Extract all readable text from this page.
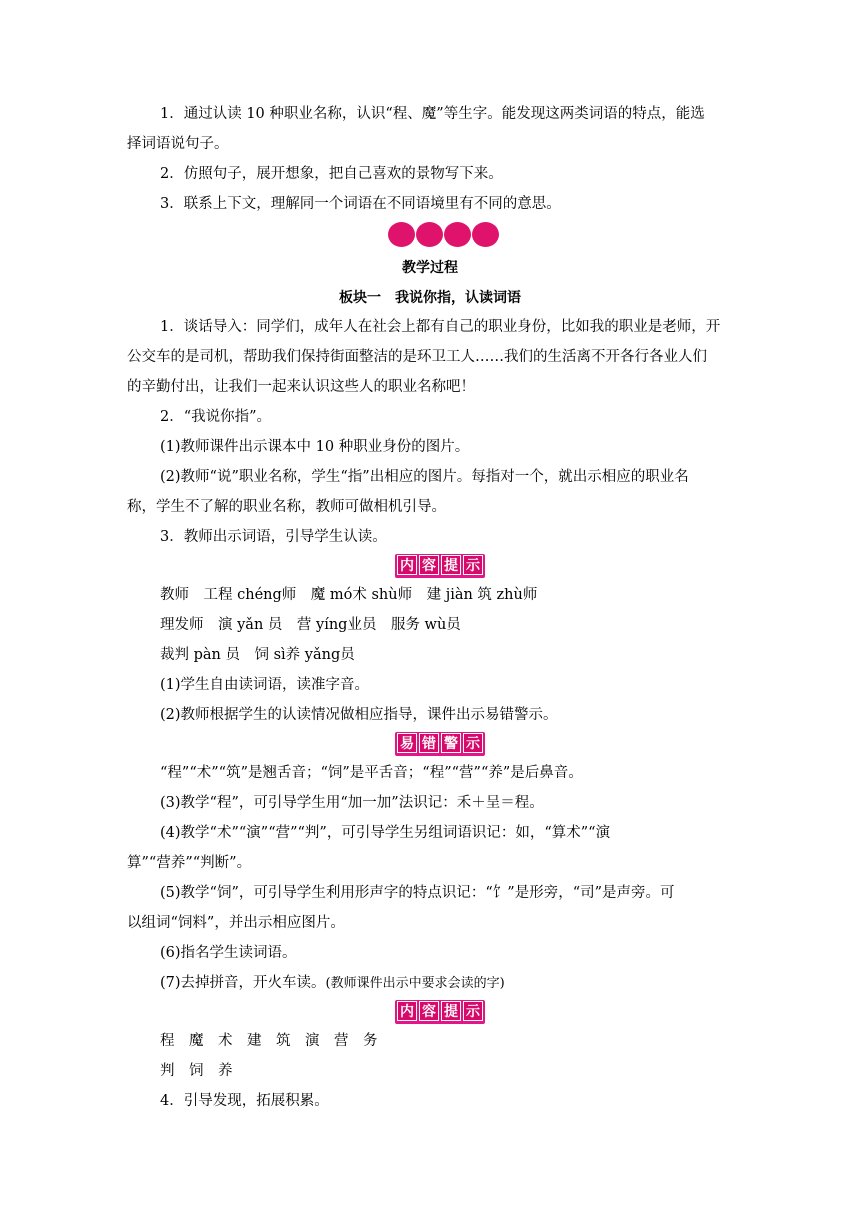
1．通过认读 10 种职业名称，认识“程、魔”等生字。能发现这两类词语的特点，能选
择词语说句子。
2．仿照句子，展开想象，把自己喜欢的景物写下来。
3．联系上下文，理解同一个词语在不同语境里有不同的意思。
教学过程
板块一　我说你指，认读词语
1．谈话导入：同学们，成年人在社会上都有自己的职业身份，比如我的职业是老师，开
公交车的是司机，帮助我们保持街面整洁的是环卫工人……我们的生活离不开各行各业人们
的辛勤付出，让我们一起来认识这些人的职业名称吧！
2．“我说你指”。
(1)教师课件出示课本中 10 种职业身份的图片。
(2)教师“说”职业名称，学生“指”出相应的图片。每指对一个，就出示相应的职业名
称，学生不了解的职业名称，教师可做相机引导。
3．教师出示词语，引导学生认读。
内 容 提 示
教师　工程 chéng师　魔 mó术 shù师　建 jiàn 筑 zhù师
理发师　演 yǎn 员　营 yíng业员　服务 wù员
裁判 pàn 员　饲 sì养 yǎng员
(1)学生自由读词语，读准字音。
(2)教师根据学生的认读情况做相应指导，课件出示易错警示。
易 错 警 示
“程”“术”“筑”是翘舌音；“饲”是平舌音；“程”“营”“养”是后鼻音。
(3)教学“程”，可引导学生用“加一加”法识记：禾＋呈＝程。
(4)教学“术”“演”“营”“判”，可引导学生另组词语识记：如，“算术”“演
算”“营养”“判断”。
(5)教学“饲”，可引导学生利用形声字的特点识记：“饣”是形旁，“司”是声旁。可
以组词“饲料”，并出示相应图片。
(6)指名学生读词语。
(7)去掉拼音，开火车读。(教师课件出示中要求会读的字)
内 容 提 示
程　魔　术　建　筑　演　营　务
判　饲　养
4．引导发现，拓展积累。
